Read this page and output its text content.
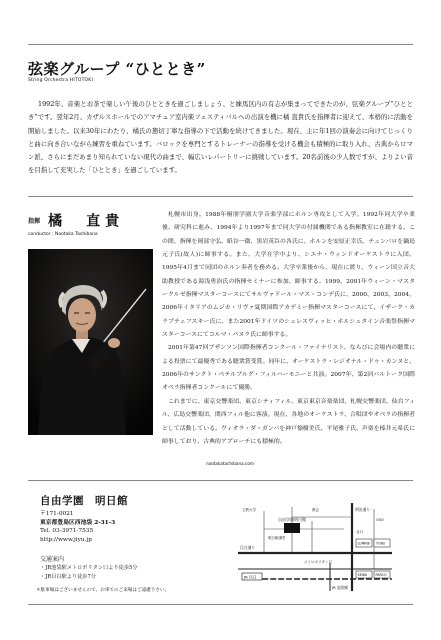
弦楽グループ “ひととき”
String Orchestra HITOTOKI

1992年、音楽とお茶で楽しい午後のひとときを過ごしましょう、と練馬区内の有志が集まってできたのが、弦楽グループ“ひととき”です。翌年2月、カザルスホールでのアマチュア室内楽フェスティバルへの出演を機に橘 直貴氏を指揮者に迎えて、本格的に活動を開始しました。以来30年にわたり、橘氏の懇切丁寧な指導の下で活動を続けてきました。現在、主に年1回の演奏会に向けてじっくりと曲に向き合いながら練習を重ねています。バロックを専門とするトレーナーの指導を受ける機会も積極的に取り入れ、古典からロマン派、さらにまだあまり知られていない現代の曲まで、幅広いレパートリーに挑戦しています。20名前後の少人数ですが、よりよい音を目指して充実した「ひととき」を過ごしています。

指揮 橘　直貴
conductor : Naotaka Tachibana

札幌市出身。1988年桐朋学園大学音楽学部にホルン専攻として入学。1992年同大学卒業後、研究科に進み、1994年より1997年まで同大学の付属機関である指揮教室に在籍する。この間、指揮を岡部守弘、紙谷一衞、黒岩英臣の各氏に、ホルンを安原正幸氏、チェンバロを鍋島元子氏(故人)に師事する。また、大学在学中より、シエナ・ウィンドオーケストラに入団。1995年4月まで同団のホルン奏者を務める。大学卒業後から、現在に渡り、ウィーン国立音大助教授である湯浅勇治氏の指揮セミナーに参加、師事する。1999、2001年ウィーン・マスタークルゼ指揮マスターコースにてサルヴァドール・マス・コンデ氏に、2000、2003、2004、2006年イタリアのムジカ・リヴァ夏期国際アカデミー指揮マスターコースにて、イザーク・カラブチェフスキー氏に、また2001年ドイツのシェレスヴィッヒ・ホルシュタイン音楽祭指揮マスターコースにてコルマ・パヌラ氏に師事する。

2001年第47回ブザンソン国際指揮者コンクール・ファイナリスト、ならびに会場内の聴衆による投票にて最優秀である聴衆賞受賞。同年に、オーケストラ・レジオナル・ドゥ・カンヌと、2006年のサンクト・ペテルブルグ・フィルハーモニーと共演。2007年、第2回バルトーク国際オペラ指揮者コンクールにて優勝。

これまでに、東京交響楽団、東京シティフィル、東京東京音楽楽団、札幌交響楽団、仙台フィル、広島交響楽団、関西フィル他に客演。現在、各地のオーケストラ、合唱団やオペラの指揮者として活動している。ヴィオラ・ダ・ガンバを神戸愉樹美氏、平尾雅子氏、声楽を榛井元希氏に師事しており、古典的アプローチにも積極的。

naotakatachibana.com
自由学園　明日館
〒171-0021
東京都豊島区西池袋 2-31-3
Tel. 03-3971-7535
http://www.jiyu.jp
交通案内
・JR池袋駅メトロポリタン口より徒歩5分
・JR目白駅より徒歩7分
＊駐車場はございませんので、お車でのご来場はご遠慮下さい。
自由学園明日館
明日館講堂
立教大学	教会
目白通り
明治通り
JR 目白
JR 池袋駅
メトロポリタン口
LUMINE	TOBU
SEIBU PARCO
OIOI
北口
